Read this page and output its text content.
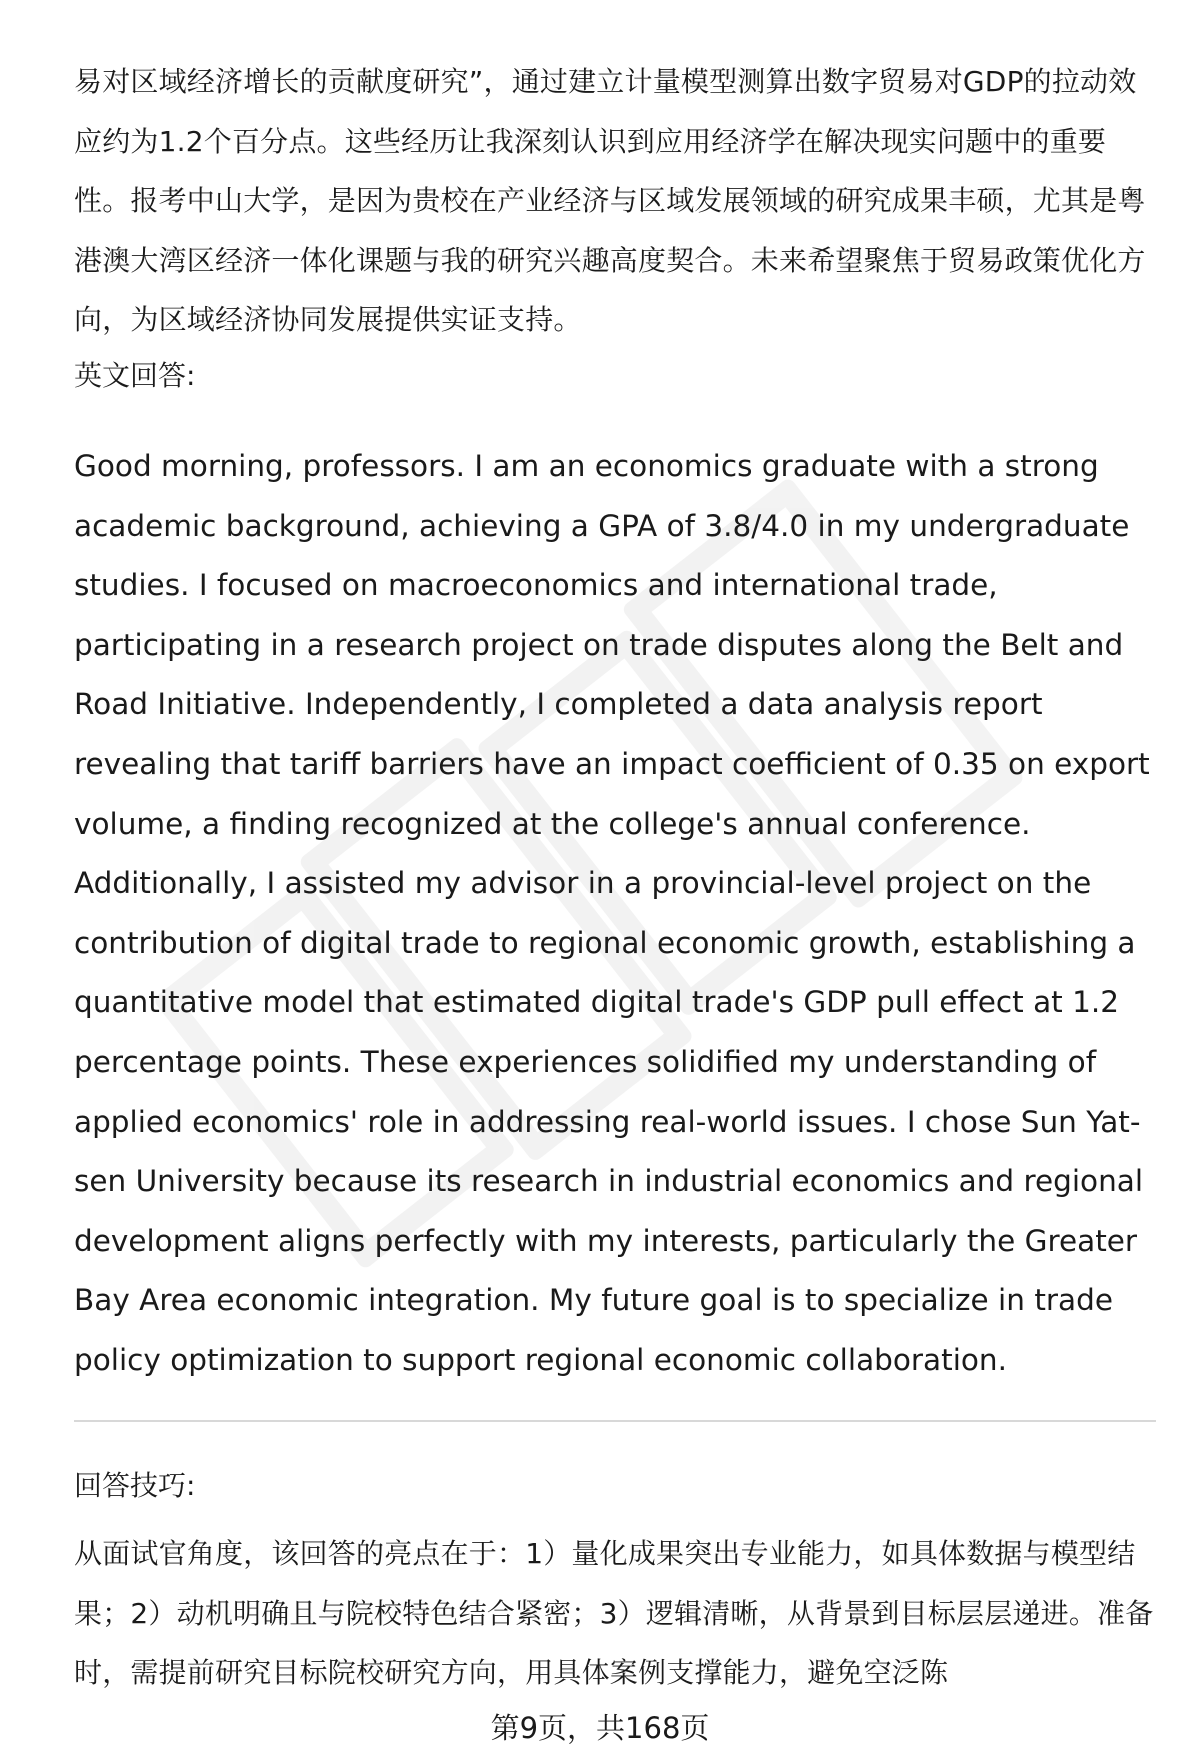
易对区域经济增长的贡献度研究”，通过建立计量模型测算出数字贸易对GDP的拉动效应约为1.2个百分点。这些经历让我深刻认识到应用经济学在解决现实问题中的重要性。报考中山大学，是因为贵校在产业经济与区域发展领域的研究成果丰硕，尤其是粤港澳大湾区经济一体化课题与我的研究兴趣高度契合。未来希望聚焦于贸易政策优化方向，为区域经济协同发展提供实证支持。

英文回答:

Good morning, professors. I am an economics graduate with a strong academic background, achieving a GPA of 3.8/4.0 in my undergraduate studies. I focused on macroeconomics and international trade, participating in a research project on trade disputes along the Belt and Road Initiative. Independently, I completed a data analysis report revealing that tariff barriers have an impact coefficient of 0.35 on export volume, a finding recognized at the college's annual conference. Additionally, I assisted my advisor in a provincial-level project on the contribution of digital trade to regional economic growth, establishing a quantitative model that estimated digital trade's GDP pull effect at 1.2 percentage points. These experiences solidified my understanding of applied economics' role in addressing real-world issues. I chose Sun Yat-sen University because its research in industrial economics and regional development aligns perfectly with my interests, particularly the Greater Bay Area economic integration. My future goal is to specialize in trade policy optimization to support regional economic collaboration.

回答技巧:

从面试官角度，该回答的亮点在于：1）量化成果突出专业能力，如具体数据与模型结果；2）动机明确且与院校特色结合紧密；3）逻辑清晰，从背景到目标层层递进。准备时，需提前研究目标院校研究方向，用具体案例支撑能力，避免空泛陈

第9页，共168页
